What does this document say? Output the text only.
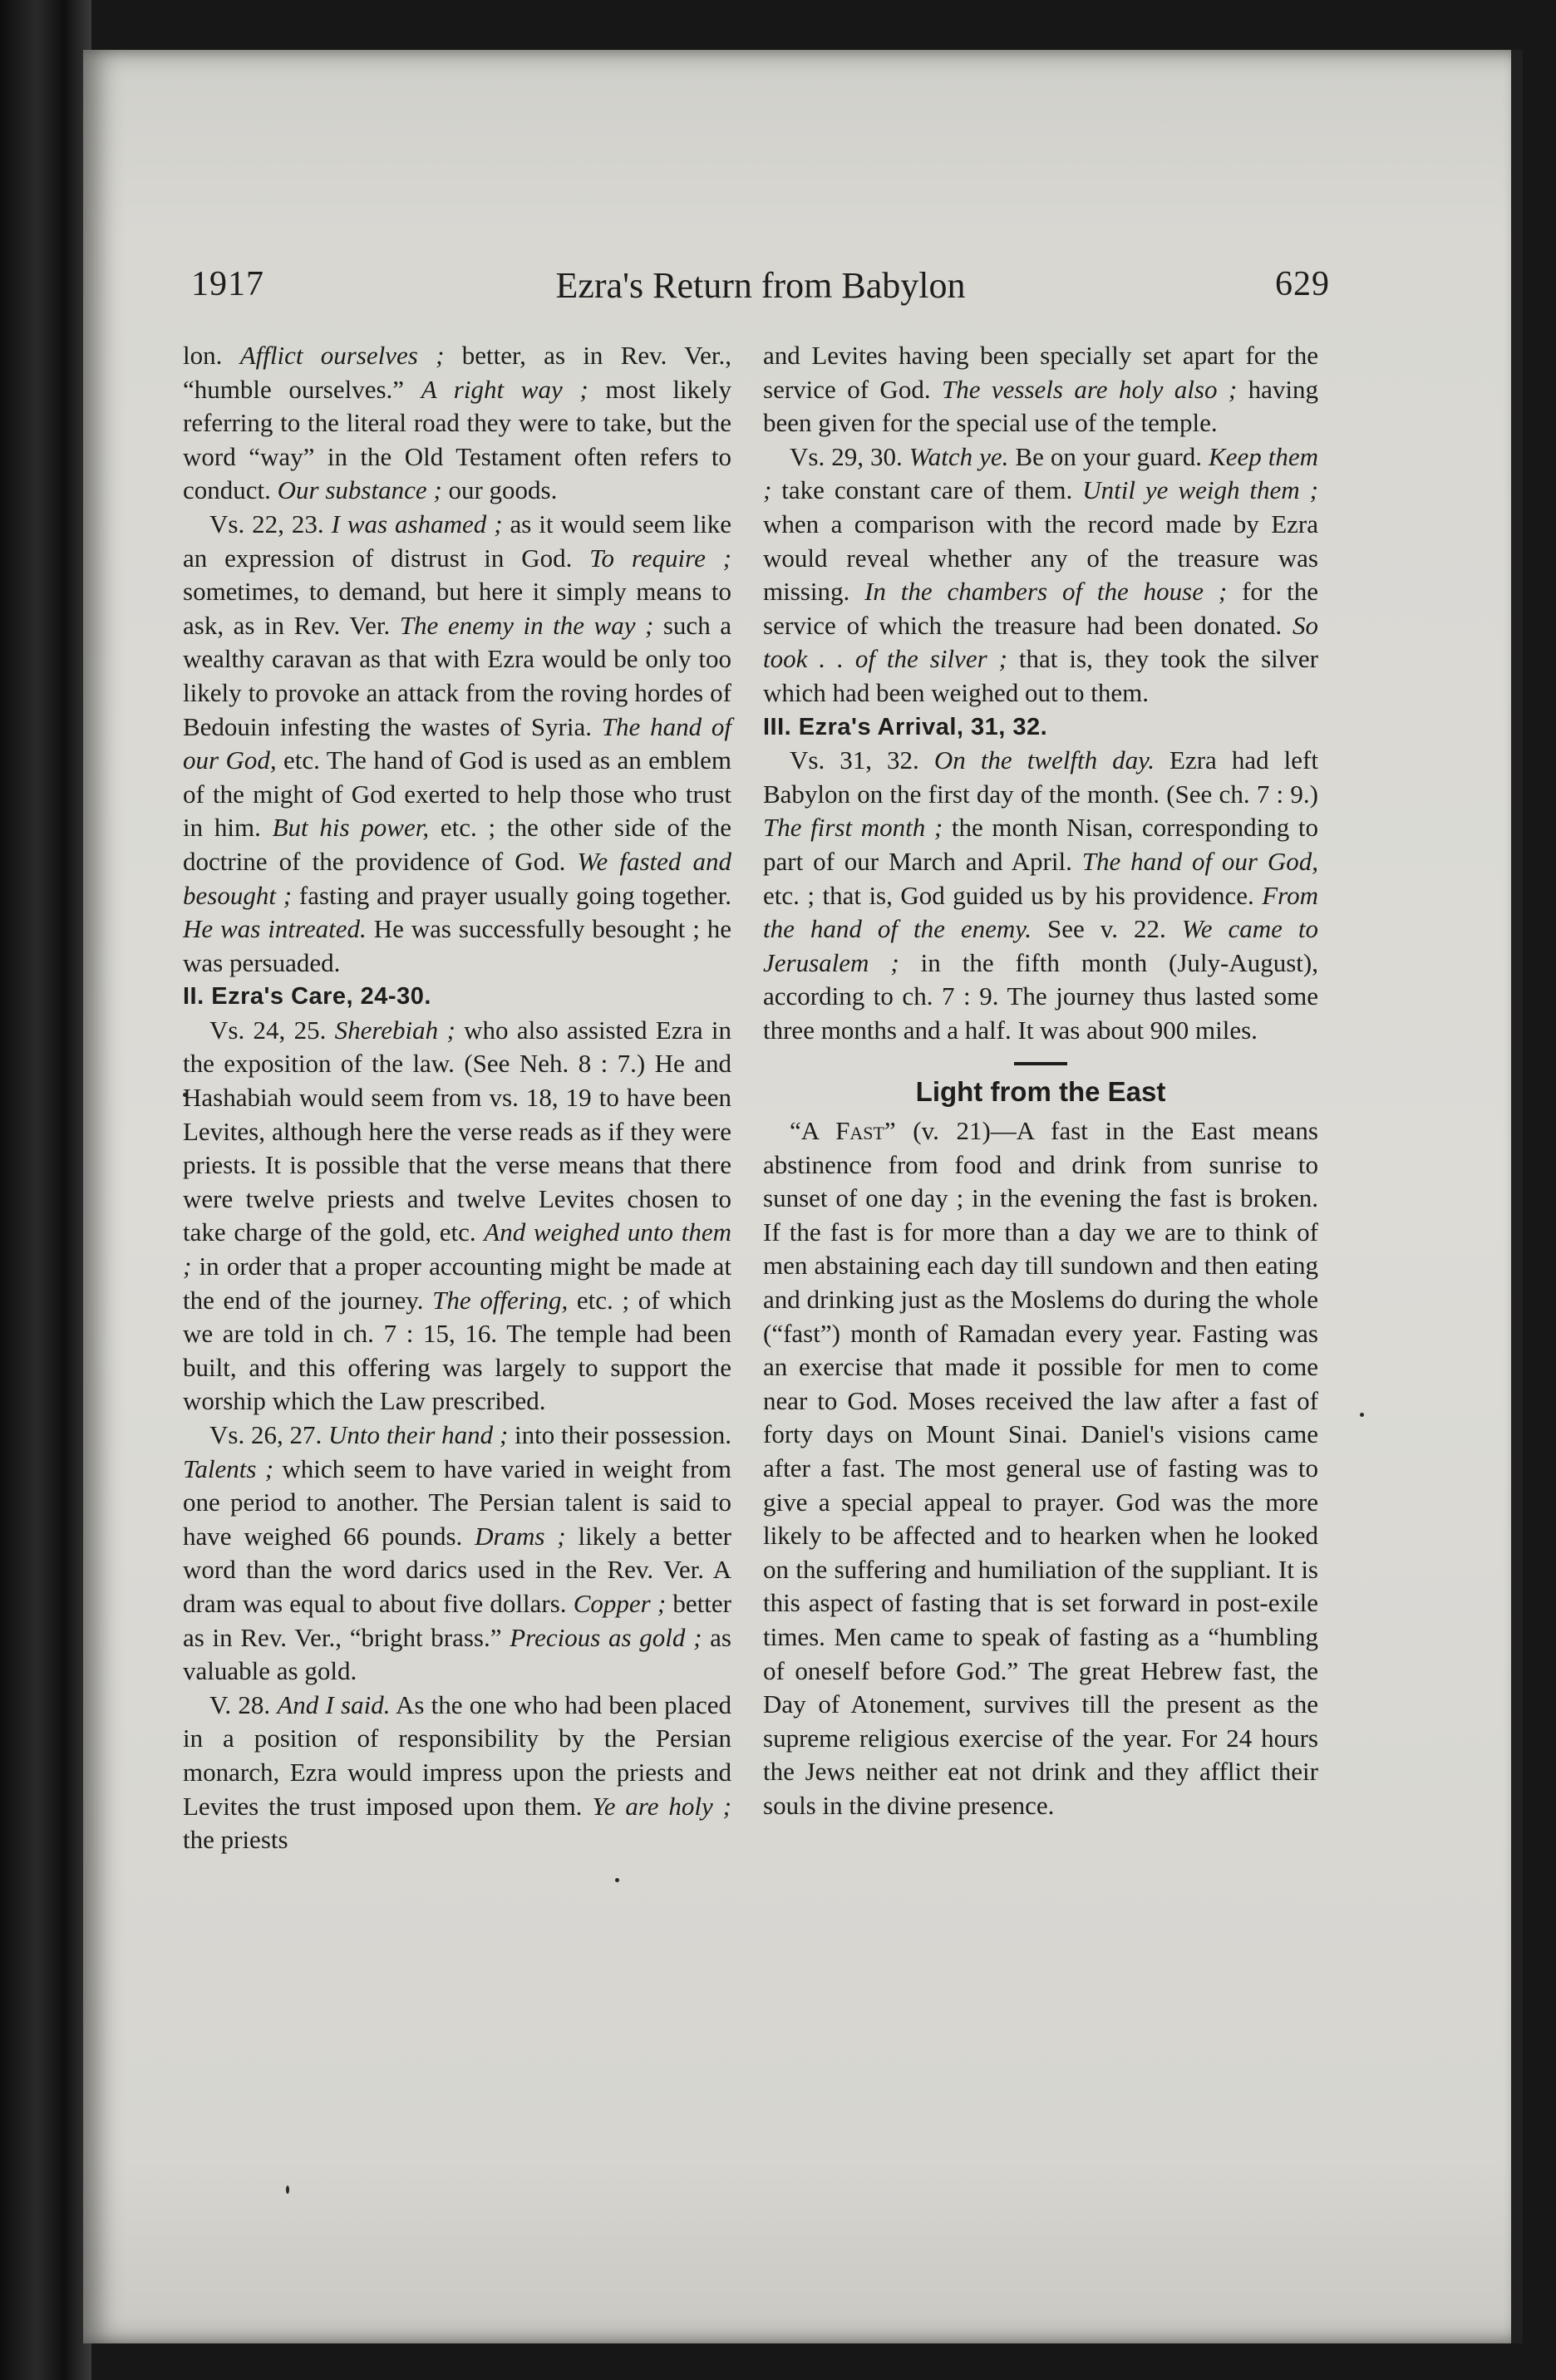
1917	Ezra's Return from Babylon	629

lon. Afflict ourselves ; better, as in Rev. Ver., “humble ourselves.” A right way ; most likely referring to the literal road they were to take, but the word “way” in the Old Testament often refers to conduct. Our substance ; our goods.

Vs. 22, 23. I was ashamed ; as it would seem like an expression of distrust in God. To require ; sometimes, to demand, but here it simply means to ask, as in Rev. Ver. The enemy in the way ; such a wealthy caravan as that with Ezra would be only too likely to provoke an attack from the roving hordes of Bedouin infesting the wastes of Syria. The hand of our God, etc. The hand of God is used as an emblem of the might of God exerted to help those who trust in him. But his power, etc. ; the other side of the doctrine of the providence of God. We fasted and besought ; fasting and prayer usually going together. He was intreated. He was successfully besought ; he was persuaded.

II. Ezra's Care, 24-30.

Vs. 24, 25. Sherebiah ; who also assisted Ezra in the exposition of the law. (See Neh. 8 : 7.) He and Hashabiah would seem from vs. 18, 19 to have been Levites, although here the verse reads as if they were priests. It is possible that the verse means that there were twelve priests and twelve Levites chosen to take charge of the gold, etc. And weighed unto them ; in order that a proper accounting might be made at the end of the journey. The offering, etc. ; of which we are told in ch. 7 : 15, 16. The temple had been built, and this offering was largely to support the worship which the Law prescribed.

Vs. 26, 27. Unto their hand ; into their possession. Talents ; which seem to have varied in weight from one period to another. The Persian talent is said to have weighed 66 pounds. Drams ; likely a better word than the word darics used in the Rev. Ver. A dram was equal to about five dollars. Copper ; better as in Rev. Ver., “bright brass.” Precious as gold ; as valuable as gold.

V. 28. And I said. As the one who had been placed in a position of responsibility by the Persian monarch, Ezra would impress upon the priests and Levites the trust imposed upon them. Ye are holy ; the priests

and Levites having been specially set apart for the service of God. The vessels are holy also ; having been given for the special use of the temple.

Vs. 29, 30. Watch ye. Be on your guard. Keep them ; take constant care of them. Until ye weigh them ; when a comparison with the record made by Ezra would reveal whether any of the treasure was missing. In the chambers of the house ; for the service of which the treasure had been donated. So took . . of the silver ; that is, they took the silver which had been weighed out to them.

III. Ezra's Arrival, 31, 32.

Vs. 31, 32. On the twelfth day. Ezra had left Babylon on the first day of the month. (See ch. 7 : 9.) The first month ; the month Nisan, corresponding to part of our March and April. The hand of our God, etc. ; that is, God guided us by his providence. From the hand of the enemy. See v. 22. We came to Jerusalem ; in the fifth month (July-August), according to ch. 7 : 9. The journey thus lasted some three months and a half. It was about 900 miles.

Light from the East

“A Fast” (v. 21)—A fast in the East means abstinence from food and drink from sunrise to sunset of one day ; in the evening the fast is broken. If the fast is for more than a day we are to think of men abstaining each day till sundown and then eating and drinking just as the Moslems do during the whole (“fast”) month of Ramadan every year. Fasting was an exercise that made it possible for men to come near to God. Moses received the law after a fast of forty days on Mount Sinai. Daniel's visions came after a fast. The most general use of fasting was to give a special appeal to prayer. God was the more likely to be affected and to hearken when he looked on the suffering and humiliation of the suppliant. It is this aspect of fasting that is set forward in post-exile times. Men came to speak of fasting as a “humbling of oneself before God.” The great Hebrew fast, the Day of Atonement, survives till the present as the supreme religious exercise of the year. For 24 hours the Jews neither eat not drink and they afflict their souls in the divine presence.
